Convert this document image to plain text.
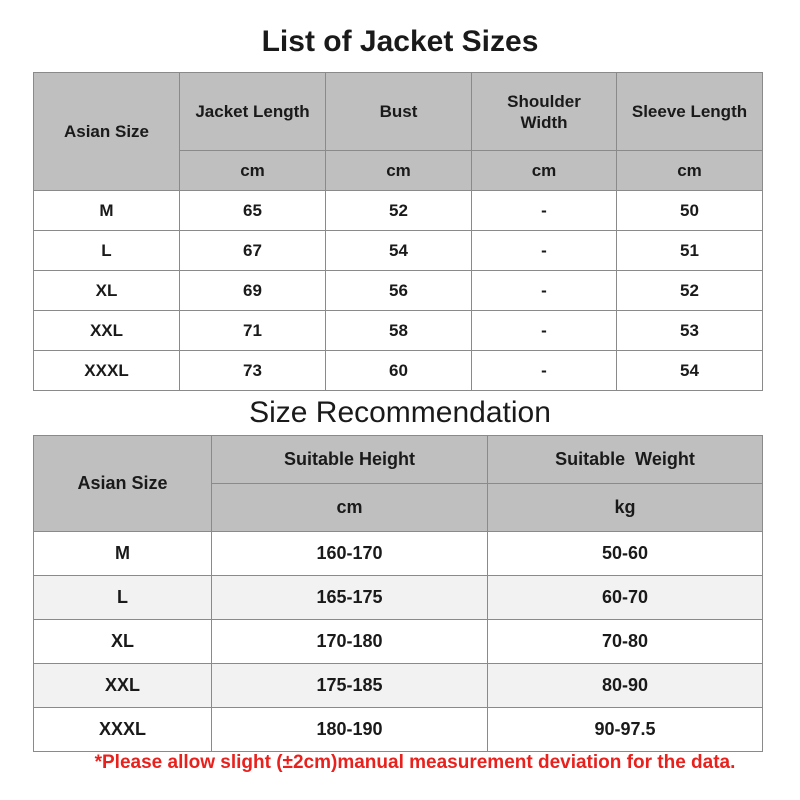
List of Jacket Sizes
Asian Size	Jacket Length	Bust	Shoulder Width	Sleeve Length
	cm	cm	cm	cm
M	65	52	-	50
L	67	54	-	51
XL	69	56	-	52
XXL	71	58	-	53
XXXL	73	60	-	54
Size Recommendation
Asian Size	Suitable Height	Suitable  Weight
	cm	kg
M	160-170	50-60
L	165-175	60-70
XL	170-180	70-80
XXL	175-185	80-90
XXXL	180-190	90-97.5
*Please allow slight (±2cm)manual measurement deviation for the data.
